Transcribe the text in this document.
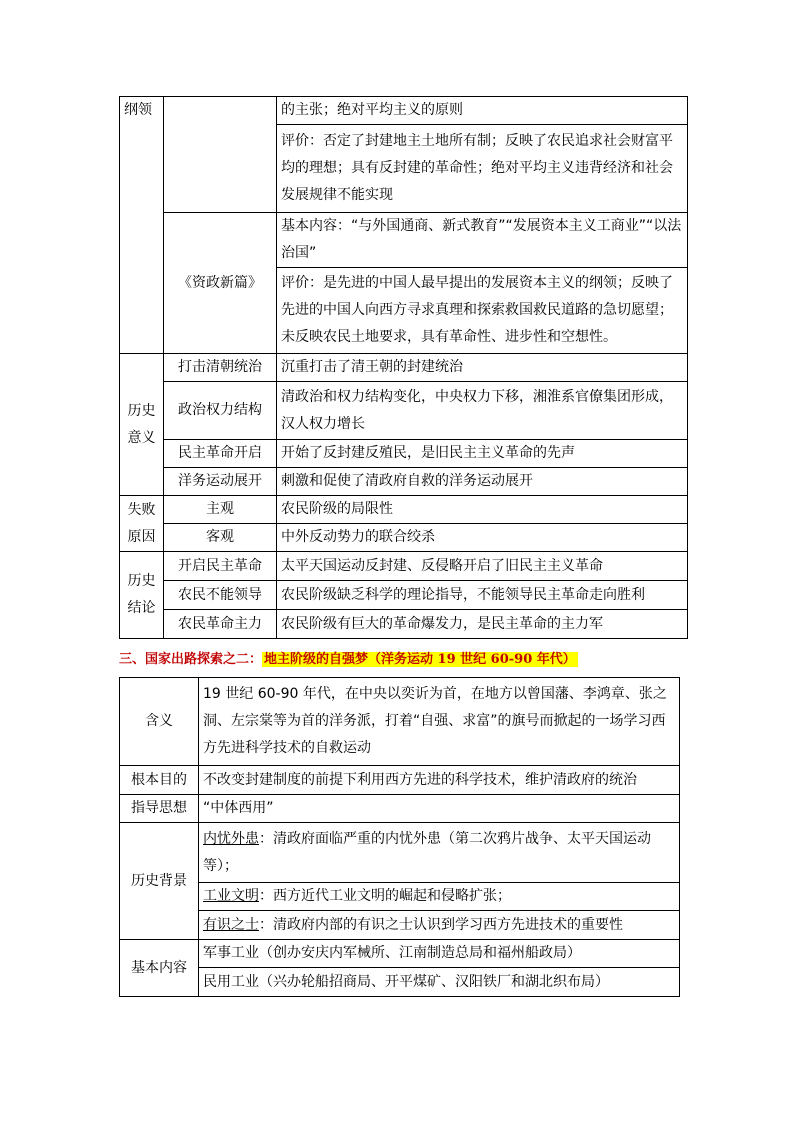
纲领		的主张；绝对平均主义的原则
		评价：否定了封建地主土地所有制；反映了农民追求社会财富平均的理想；具有反封建的革命性；绝对平均主义违背经济和社会发展规律不能实现
	《资政新篇》	基本内容：“与外国通商、新式教育”“发展资本主义工商业”“以法治国”
		评价：是先进的中国人最早提出的发展资本主义的纲领；反映了先进的中国人向西方寻求真理和探索救国救民道路的急切愿望；未反映农民土地要求，具有革命性、进步性和空想性。

历史意义	打击清朝统治	沉重打击了清王朝的封建统治
	政治权力结构	清政治和权力结构变化，中央权力下移，湘淮系官僚集团形成，汉人权力增长
	民主革命开启	开始了反封建反殖民，是旧民主主义革命的先声
	洋务运动展开	刺激和促使了清政府自救的洋务运动展开
失败原因	主观	农民阶级的局限性
	客观	中外反动势力的联合绞杀
历史结论	开启民主革命	太平天国运动反封建、反侵略开启了旧民主主义革命
	农民不能领导	农民阶级缺乏科学的理论指导，不能领导民主革命走向胜利
	农民革命主力	农民阶级有巨大的革命爆发力，是民主革命的主力军
三、国家出路探索之二： 地主阶级的自强梦（洋务运动 19 世纪 60-90 年代）
含义	19 世纪 60-90 年代，在中央以奕䜣为首，在地方以曾国藩、李鸿章、张之洞、左宗棠等为首的洋务派，打着“自强、求富”的旗号而掀起的一场学习西方先进科学技术的自救运动
根本目的	不改变封建制度的前提下利用西方先进的科学技术，维护清政府的统治
指导思想	“中体西用”
历史背景	内忧外患：清政府面临严重的内忧外患（第二次鸦片战争、太平天国运动等）；
	工业文明：西方近代工业文明的崛起和侵略扩张；
	有识之士：清政府内部的有识之士认识到学习西方先进技术的重要性
基本内容	军事工业（创办安庆内军械所、江南制造总局和福州船政局）
	民用工业（兴办轮船招商局、开平煤矿、汉阳铁厂和湖北织布局）
